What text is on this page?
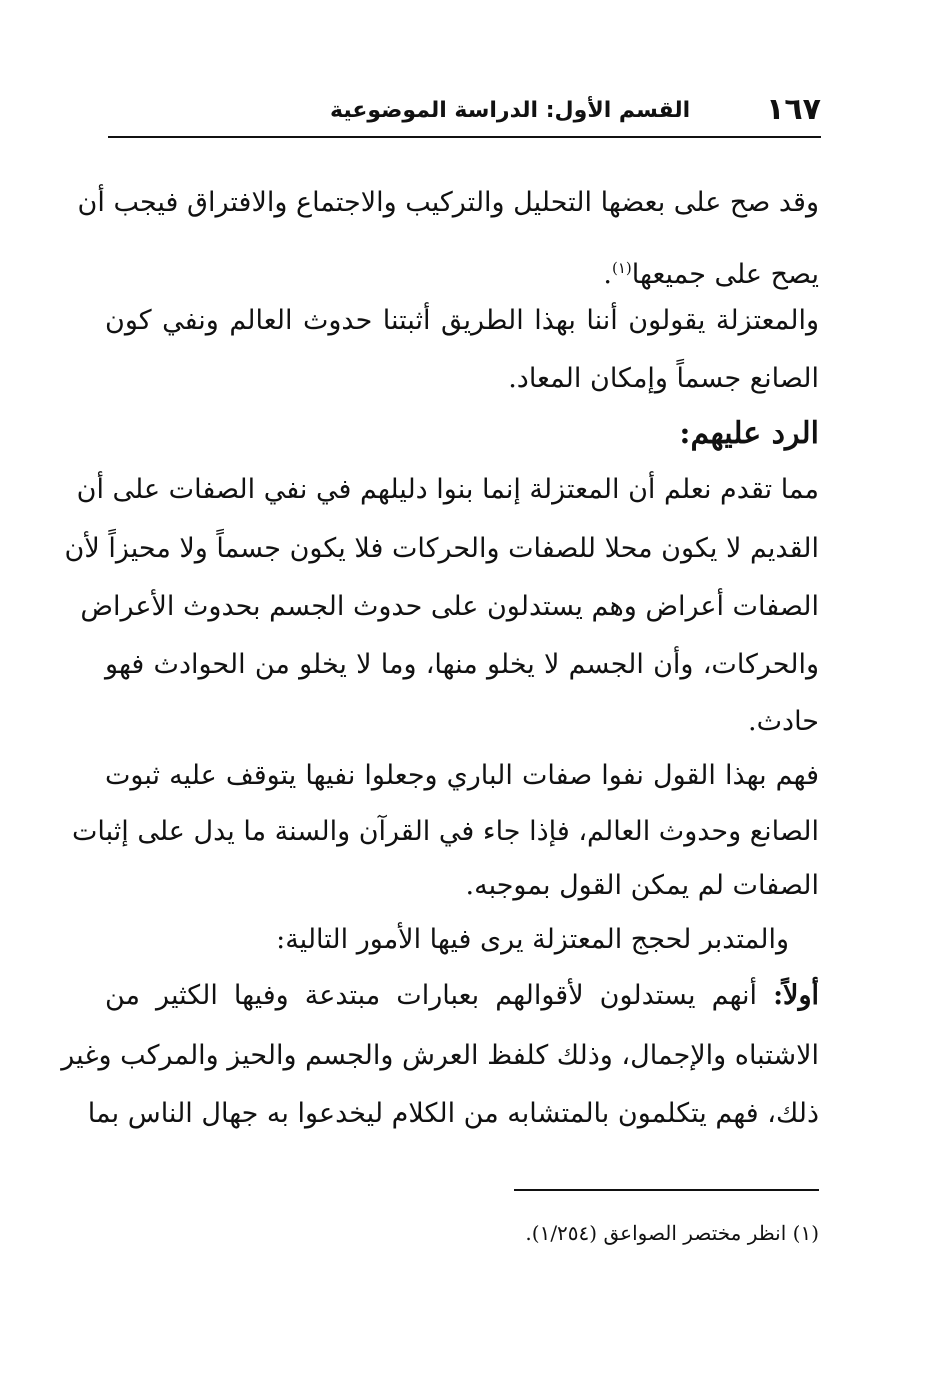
١٦٧
القسم الأول: الدراسة الموضوعية
وقد صح على بعضها التحليل والتركيب والاجتماع والافتراق فيجب أن
يصح على جميعها$^{(١)}$.
والمعتزلة يقولون أننا بهذا الطريق أثبتنا حدوث العالم ونفي كون
الصانع جسماً وإمكان المعاد.
الرد عليهم:
مما تقدم نعلم أن المعتزلة إنما بنوا دليلهم في نفي الصفات على أن
القديم لا يكون محلا للصفات والحركات فلا يكون جسماً ولا محيزاً لأن
الصفات أعراض وهم يستدلون على حدوث الجسم بحدوث الأعراض
والحركات، وأن الجسم لا يخلو منها، وما لا يخلو من الحوادث فهو
حادث.
فهم بهذا القول نفوا صفات الباري وجعلوا نفيها يتوقف عليه ثبوت
الصانع وحدوث العالم، فإذا جاء في القرآن والسنة ما يدل على إثبات
الصفات لم يمكن القول بموجبه.
والمتدبر لحجج المعتزلة يرى فيها الأمور التالية:
أولاً: أنهم يستدلون لأقوالهم بعبارات مبتدعة وفيها الكثير من
الاشتباه والإجمال، وذلك كلفظ العرش والجسم والحيز والمركب وغير
ذلك، فهم يتكلمون بالمتشابه من الكلام ليخدعوا به جهال الناس بما
(١) انظر مختصر الصواعق (١/٢٥٤).
